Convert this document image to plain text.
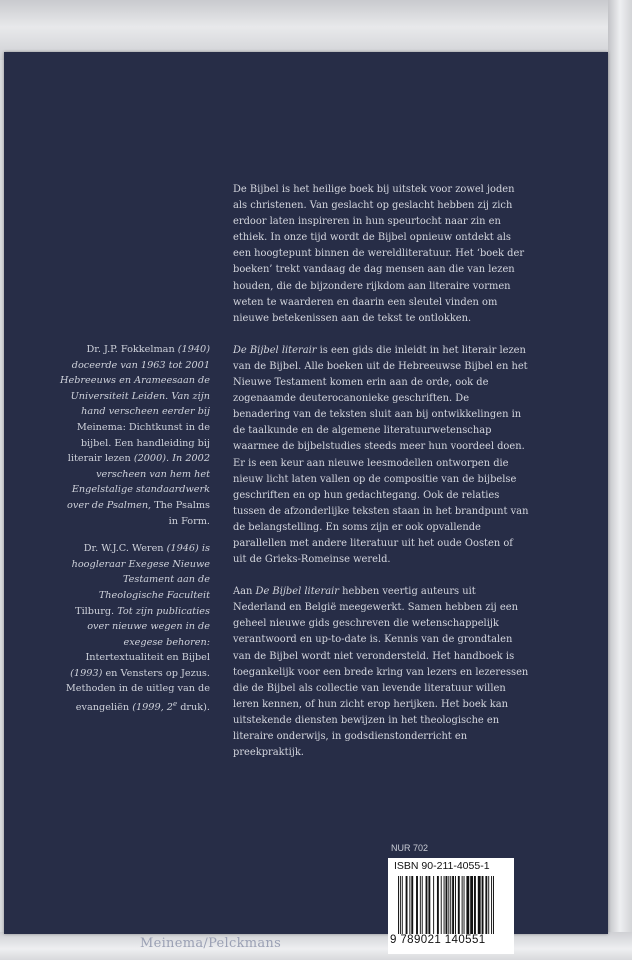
De Bijbel is het heilige boek bij uitstek voor zowel joden als christenen. Van geslacht op geslacht hebben zij zich erdoor laten inspireren in hun speurtocht naar zin en ethiek. In onze tijd wordt de Bijbel opnieuw ontdekt als een hoogtepunt binnen de wereldliteratuur. Het ‘boek der boeken’ trekt vandaag de dag mensen aan die van lezen houden, die de bijzondere rijkdom aan literaire vormen weten te waarderen en daarin een sleutel vinden om nieuwe betekenissen aan de tekst te ontlokken.

De Bijbel literair is een gids die inleidt in het literair lezen van de Bijbel. Alle boeken uit de Hebreeuwse Bijbel en het Nieuwe Testament komen erin aan de orde, ook de zogenaamde deuterocanonieke geschriften. De benadering van de teksten sluit aan bij ontwikkelingen in de taalkunde en de algemene literatuurwetenschap waarmee de bijbelstudies steeds meer hun voordeel doen. Er is een keur aan nieuwe leesmodellen ontworpen die nieuw licht laten vallen op de compositie van de bijbelse geschriften en op hun gedachtegang. Ook de relaties tussen de afzonderlijke teksten staan in het brandpunt van de belangstelling. En soms zijn er ook opvallende parallellen met andere literatuur uit het oude Oosten of uit de Grieks-Romeinse wereld.

Aan De Bijbel literair hebben veertig auteurs uit Nederland en België meegewerkt. Samen hebben zij een geheel nieuwe gids geschreven die wetenschappelijk verantwoord en up-to-date is. Kennis van de grondtalen van de Bijbel wordt niet verondersteld. Het handboek is toegankelijk voor een brede kring van lezers en lezeressen die de Bijbel als collectie van levende literatuur willen leren kennen, of hun zicht erop herijken. Het boek kan uitstekende diensten bewijzen in het theologische en literaire onderwijs, in godsdienstonderricht en preekpraktijk.

Dr. J.P. Fokkelman (1940) doceerde van 1963 tot 2001 Hebreeuws en Arameesaan de Universiteit Leiden. Van zijn hand verscheen eerder bij Meinema: Dichtkunst in de bijbel. Een handleiding bij literair lezen (2000). In 2002 verscheen van hem het Engelstalige standaardwerk over de Psalmen, The Psalms in Form.

Dr. W.J.C. Weren (1946) is hoogleraar Exegese Nieuwe Testament aan de Theologische Faculteit Tilburg. Tot zijn publicaties over nieuwe wegen in de exegese behoren: Intertextualiteit en Bijbel (1993) en Vensters op Jezus. Methoden in de uitleg van de evangeliën (1999, 2e druk).

Meinema/Pelckmans
NUR 702
ISBN 90-211-4055-1
9 789021 140551
